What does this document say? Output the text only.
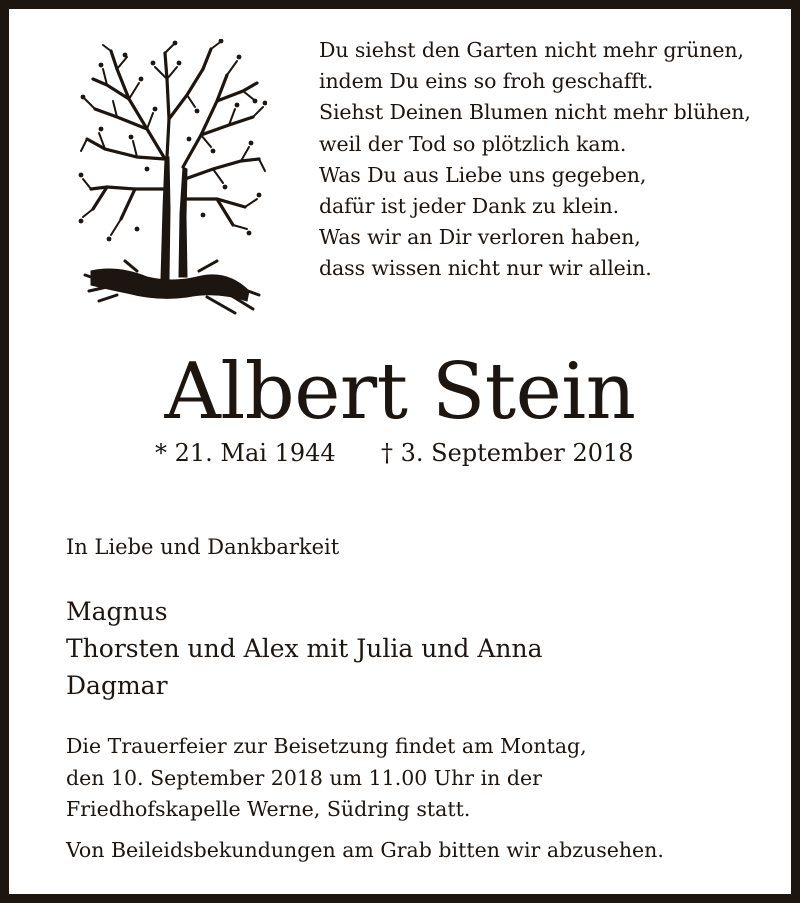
Du siehst den Garten nicht mehr grünen,
indem Du eins so froh geschafft.
Siehst Deinen Blumen nicht mehr blühen,
weil der Tod so plötzlich kam.
Was Du aus Liebe uns gegeben,
dafür ist jeder Dank zu klein.
Was wir an Dir verloren haben,
dass wissen nicht nur wir allein.
Albert Stein
* 21. Mai 1944 † 3. September 2018
In Liebe und Dankbarkeit
Magnus
Thorsten und Alex mit Julia und Anna
Dagmar
Die Trauerfeier zur Beisetzung findet am Montag,
den 10. September 2018 um 11.00 Uhr in der
Friedhofskapelle Werne, Südring statt.
Von Beileidsbekundungen am Grab bitten wir abzusehen.
